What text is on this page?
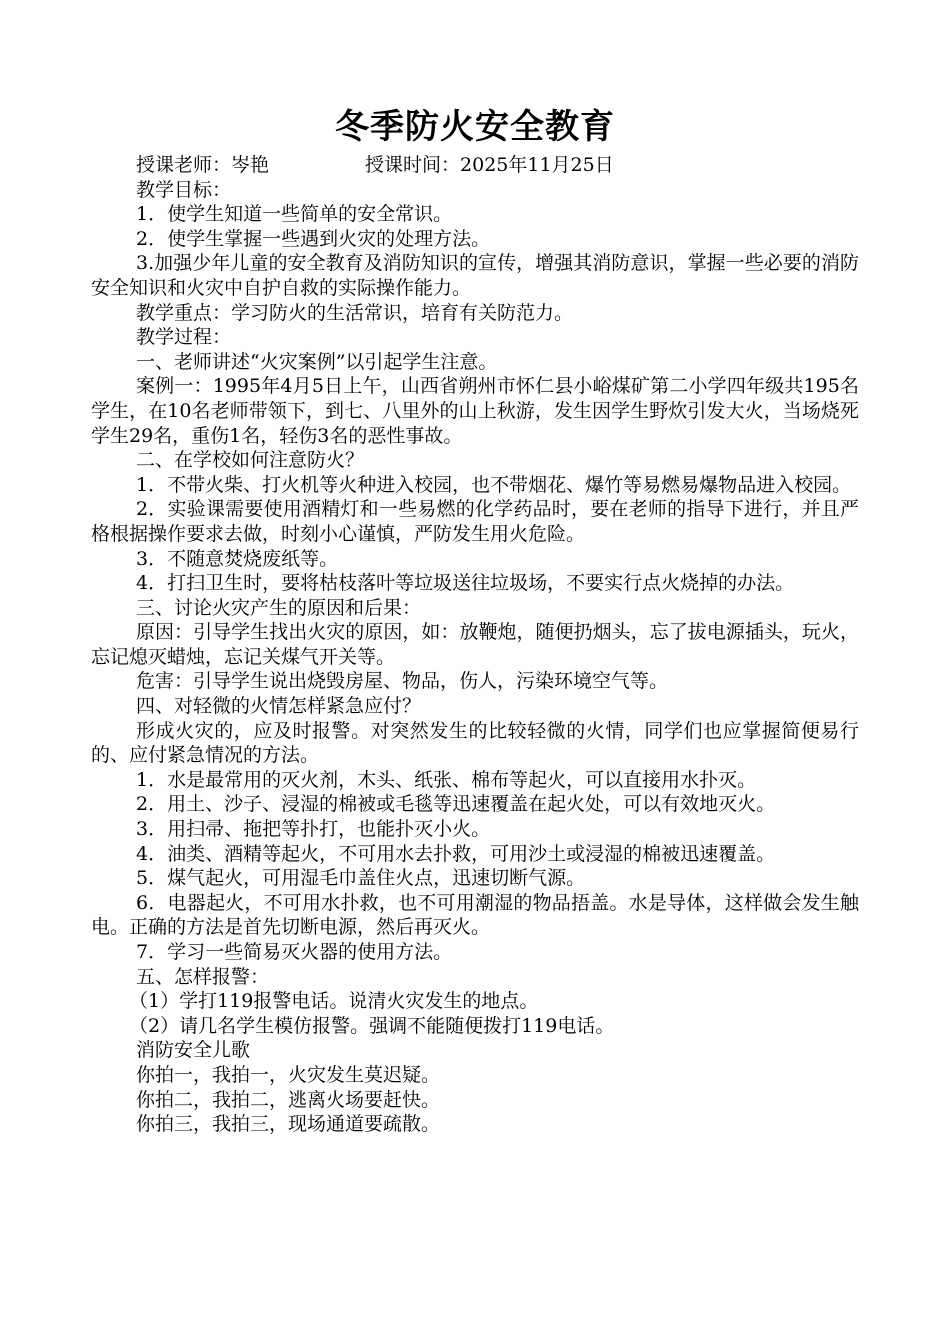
冬季防火安全教育

授课老师：岑艳	授课时间：2025年11月25日

教学目标：

1．使学生知道一些简单的安全常识。

2．使学生掌握一些遇到火灾的处理方法。

3.加强少年儿童的安全教育及消防知识的宣传，增强其消防意识，掌握一些必要的消防安全知识和火灾中自护自救的实际操作能力。

教学重点：学习防火的生活常识，培育有关防范力。

教学过程：

一、老师讲述“火灾案例”以引起学生注意。

案例一：1995年4月5日上午，山西省朔州市怀仁县小峪煤矿第二小学四年级共195名学生，在10名老师带领下，到七、八里外的山上秋游，发生因学生野炊引发大火，当场烧死学生29名，重伤1名，轻伤3名的恶性事故。

二、在学校如何注意防火？

1．不带火柴、打火机等火种进入校园，也不带烟花、爆竹等易燃易爆物品进入校园。

2．实验课需要使用酒精灯和一些易燃的化学药品时，要在老师的指导下进行，并且严格根据操作要求去做，时刻小心谨慎，严防发生用火危险。

3．不随意焚烧废纸等。

4．打扫卫生时，要将枯枝落叶等垃圾送往垃圾场，不要实行点火烧掉的办法。

三、讨论火灾产生的原因和后果：

原因：引导学生找出火灾的原因，如：放鞭炮，随便扔烟头，忘了拔电源插头，玩火，忘记熄灭蜡烛，忘记关煤气开关等。

危害：引导学生说出烧毁房屋、物品，伤人，污染环境空气等。

四、对轻微的火情怎样紧急应付？

形成火灾的，应及时报警。对突然发生的比较轻微的火情，同学们也应掌握简便易行的、应付紧急情况的方法。

1．水是最常用的灭火剂，木头、纸张、棉布等起火，可以直接用水扑灭。

2．用土、沙子、浸湿的棉被或毛毯等迅速覆盖在起火处，可以有效地灭火。

3．用扫帚、拖把等扑打，也能扑灭小火。

4．油类、酒精等起火，不可用水去扑救，可用沙土或浸湿的棉被迅速覆盖。

5．煤气起火，可用湿毛巾盖住火点，迅速切断气源。

6．电器起火，不可用水扑救，也不可用潮湿的物品捂盖。水是导体，这样做会发生触电。正确的方法是首先切断电源，然后再灭火。

7．学习一些简易灭火器的使用方法。

五、怎样报警：

（1）学打119报警电话。说清火灾发生的地点。

（2）请几名学生模仿报警。强调不能随便拨打119电话。

消防安全儿歌

你拍一，我拍一，火灾发生莫迟疑。

你拍二，我拍二，逃离火场要赶快。

你拍三，我拍三，现场通道要疏散。
